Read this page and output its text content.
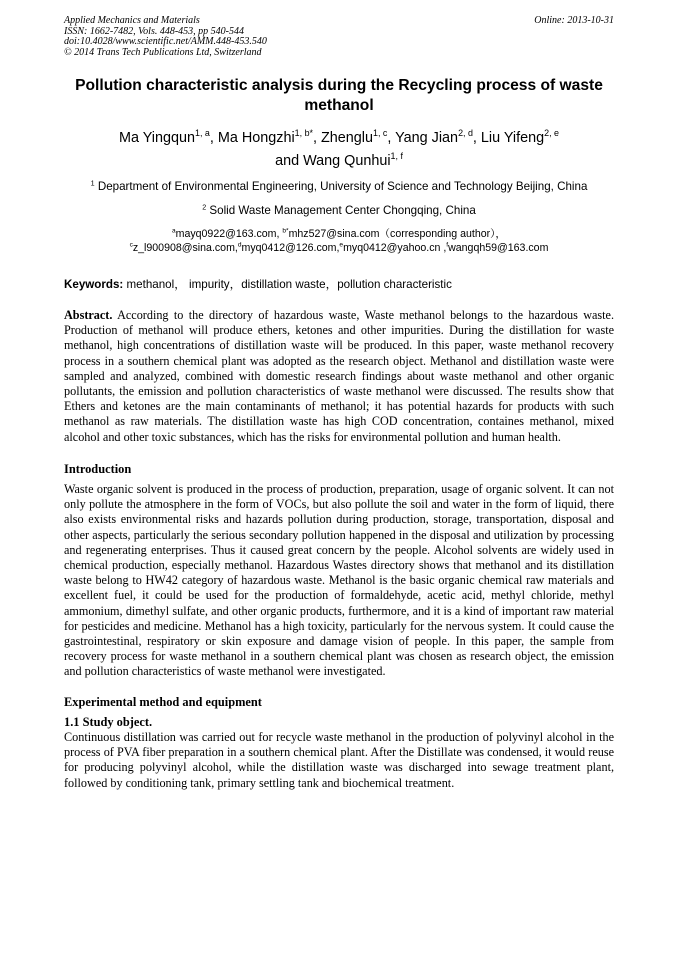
Applied Mechanics and Materials
ISSN: 1662-7482, Vols. 448-453, pp 540-544
doi:10.4028/www.scientific.net/AMM.448-453.540
© 2014 Trans Tech Publications Ltd, Switzerland
Online: 2013-10-31
Pollution characteristic analysis during the Recycling process of waste methanol
Ma Yingqun$^{1, a}$, Ma Hongzhi$^{1, b*}$, Zhenglu$^{1, c}$, Yang Jian$^{2, d}$, Liu Yifeng$^{2, e}$
and Wang Qunhui$^{1, f}$
$^1$ Department of Environmental Engineering, University of Science and Technology Beijing, China
$^2$ Solid Waste Management Center Chongqing, China
$^a$mayq0922@163.com, $^{b*}$mhz527@sina.com（corresponding author），
$^c$z_l900908@sina.com,$^d$myq0412@126.com,$^e$myq0412@yahoo.cn ,$^f$wangqh59@163.com
Keywords: methanol， impurity，distillation waste，pollution characteristic

Abstract. According to the directory of hazardous waste, Waste methanol belongs to the hazardous waste. Production of methanol will produce ethers, ketones and other impurities. During the distillation for waste methanol, high concentrations of distillation waste will be produced. In this paper, waste methanol recovery process in a southern chemical plant was adopted as the research object. Methanol and distillation waste were sampled and analyzed, combined with domestic research findings about waste methanol and other organic pollutants, the emission and pollution characteristics of waste methanol were discussed. The results show that Ethers and ketones are the main contaminants of methanol; it has potential hazards for products with such methanol as raw materials. The distillation waste has high COD concentration, containes methanol, mixed alcohol and other toxic substances, which has the risks for environmental pollution and human health.

Introduction

Waste organic solvent is produced in the process of production, preparation, usage of organic solvent. It can not only pollute the atmosphere in the form of VOCs, but also pollute the soil and water in the form of liquid, there also exists environmental risks and hazards pollution during production, storage, transportation, disposal and other aspects, particularly the serious secondary pollution happened in the disposal and utilization by processing and regenerating enterprises. Thus it caused great concern by the people. Alcohol solvents are widely used in chemical production, especially methanol. Hazardous Wastes directory shows that methanol and its distillation waste belong to HW42 category of hazardous waste. Methanol is the basic organic chemical raw materials and excellent fuel, it could be used for the production of formaldehyde, acetic acid, methyl chloride, methyl ammonium, dimethyl sulfate, and other organic products, furthermore, and it is a kind of important raw material for pesticides and medicine. Methanol has a high toxicity, particularly for the nervous system. It could cause the gastrointestinal, respiratory or skin exposure and damage vision of people. In this paper, the sample from recovery process for waste methanol in a southern chemical plant was chosen as research object, the emission and pollution characteristics of waste methanol were investigated.

Experimental method and equipment
1.1 Study object.

Continuous distillation was carried out for recycle waste methanol in the production of polyvinyl alcohol in the process of PVA fiber preparation in a southern chemical plant. After the Distillate was condensed, it would reuse for producing polyvinyl alcohol, while the distillation waste was discharged into sewage treatment plant, followed by conditioning tank, primary settling tank and biochemical treatment.
